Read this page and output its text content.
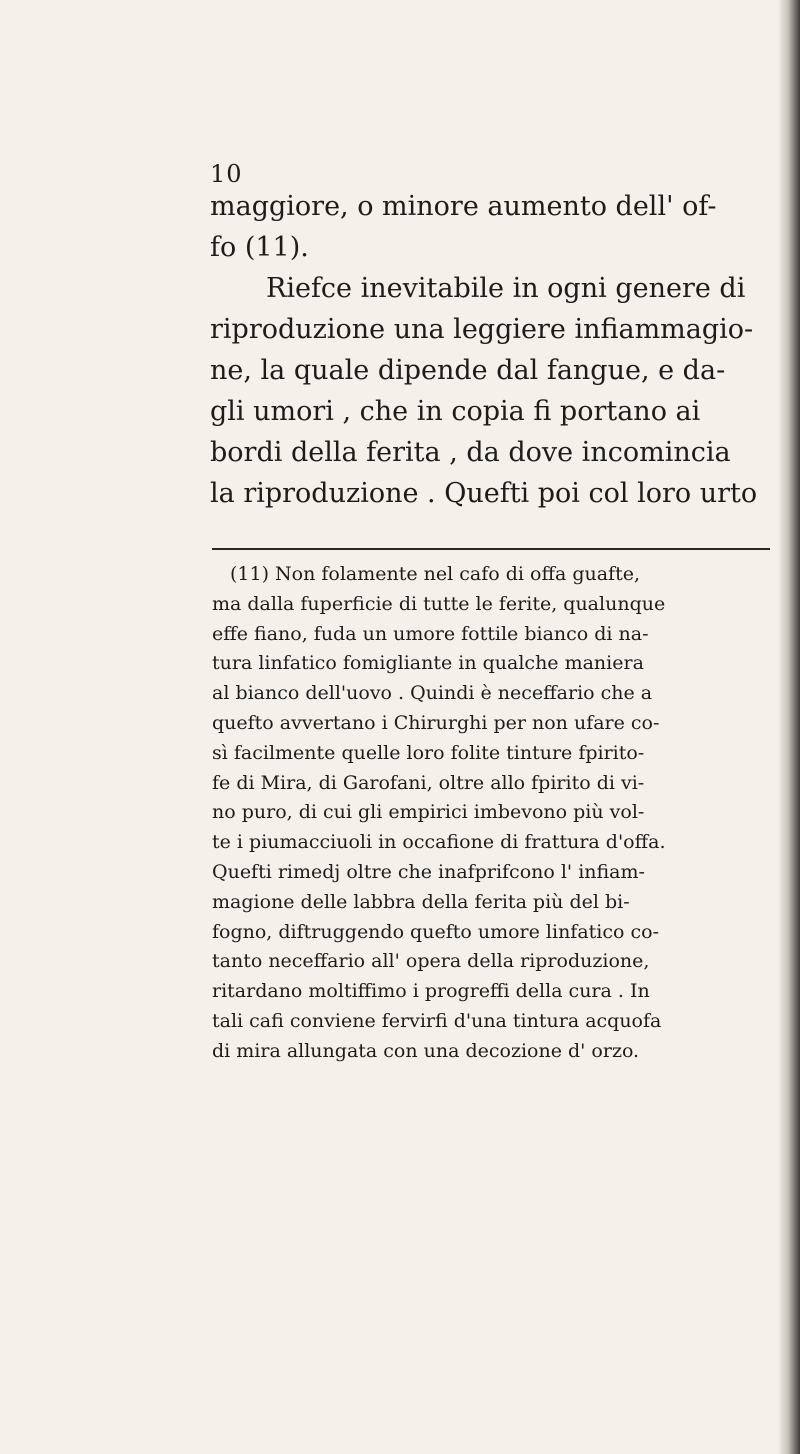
10
maggiore, o minore aumento dell' of-
fo (11).
Riefce inevitabile in ogni genere di
riproduzione una leggiere infiammagio-
ne, la quale dipende dal fangue, e da-
gli umori , che in copia fi portano ai
bordi della ferita , da dove incomincia
la riproduzione . Quefti poi col loro urto
(11) Non folamente nel cafo di offa guafte,
ma dalla fuperficie di tutte le ferite, qualunque
effe fiano, fuda un umore fottile bianco di na-
tura linfatico fomigliante in qualche maniera
al bianco dell'uovo . Quindi è neceffario che a
quefto avvertano i Chirurghi per non ufare co-
sì facilmente quelle loro folite tinture fpirito-
fe di Mira, di Garofani, oltre allo fpirito di vi-
no puro, di cui gli empirici imbevono più vol-
te i piumacciuoli in occafione di frattura d'offa.
Quefti rimedj oltre che inafprifcono l' infiam-
magione delle labbra della ferita più del bi-
fogno, diftruggendo quefto umore linfatico co-
tanto neceffario all' opera della riproduzione,
ritardano moltiffimo i progreffi della cura . In
tali cafi conviene fervirfi d'una tintura acquofa
di mira allungata con una decozione d' orzo.
